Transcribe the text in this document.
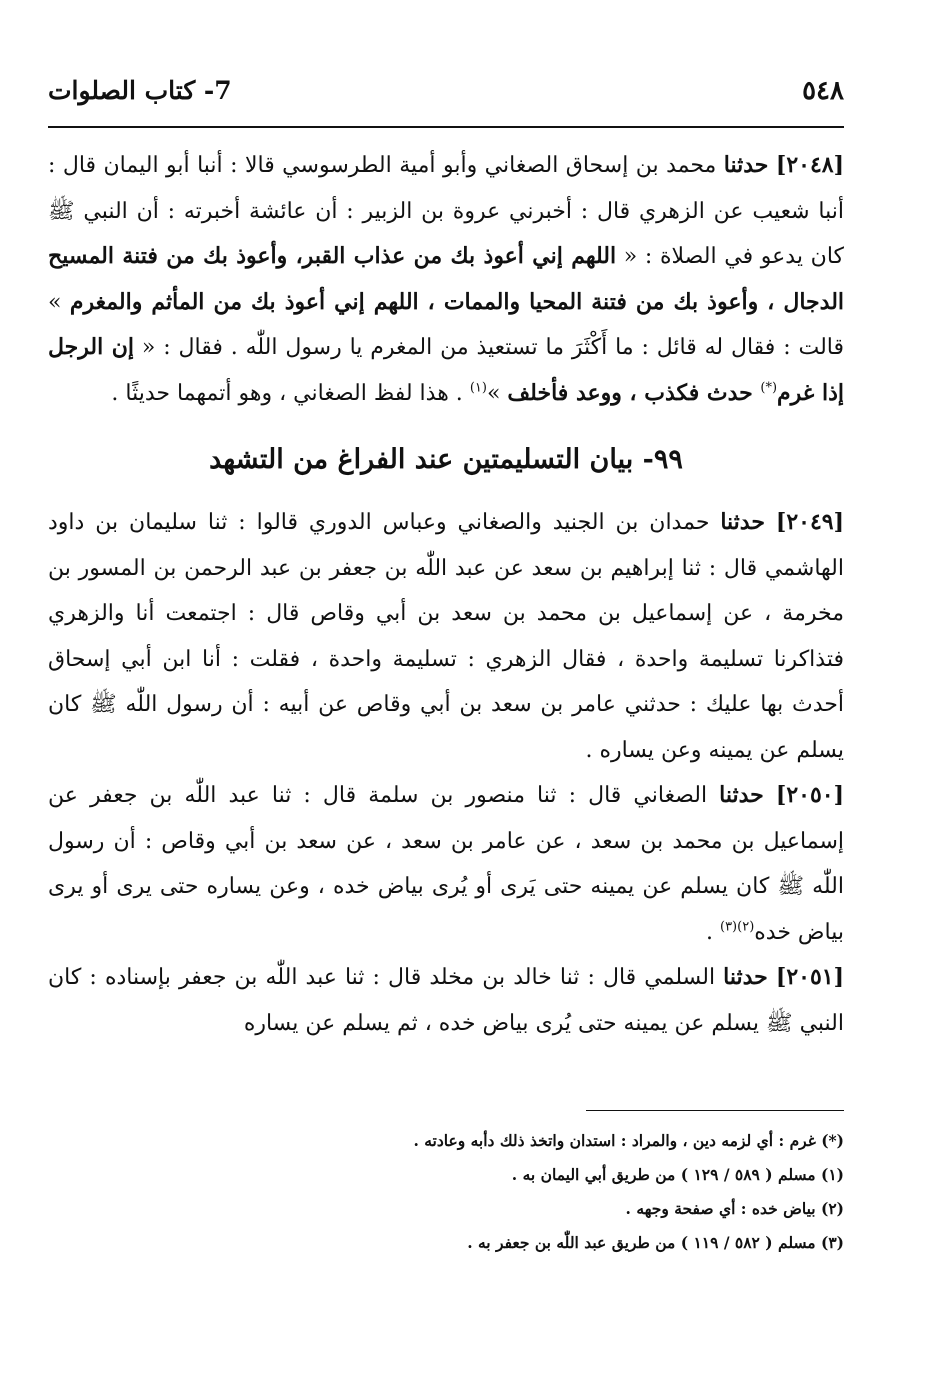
٥٤٨
7- كتاب الصلوات

[٢٠٤٨] حدثنا محمد بن إسحاق الصغاني وأبو أمية الطرسوسي قالا : أنبا أبو اليمان قال : أنبا شعيب عن الزهري قال : أخبرني عروة بن الزبير : أن عائشة أخبرته : أن النبي ﷺ كان يدعو في الصلاة : « اللهم إني أعوذ بك من عذاب القبر، وأعوذ بك من فتنة المسيح الدجال ، وأعوذ بك من فتنة المحيا والممات ، اللهم إني أعوذ بك من المأثم والمغرم » قالت : فقال له قائل : ما أَكْثَرَ ما تستعيذ من المغرم يا رسول اللّٰه . فقال : « إن الرجل إذا غرم(*) حدث فكذب ، ووعد فأخلف »$^{(١)}$ . هذا لفظ الصغاني ، وهو أتمهما حديثًا .

٩٩- بيان التسليمتين عند الفراغ من التشهد

[٢٠٤٩] حدثنا حمدان بن الجنيد والصغاني وعباس الدوري قالوا : ثنا سليمان بن داود الهاشمي قال : ثنا إبراهيم بن سعد عن عبد اللّٰه بن جعفر بن عبد الرحمن بن المسور بن مخرمة ، عن إسماعيل بن محمد بن سعد بن أبي وقاص قال : اجتمعت أنا والزهري فتذاكرنا تسليمة واحدة ، فقال الزهري : تسليمة واحدة ، فقلت : أنا ابن أبي إسحاق أحدث بها عليك : حدثني عامر بن سعد بن أبي وقاص عن أبيه : أن رسول اللّٰه ﷺ كان يسلم عن يمينه وعن يساره .

[٢٠٥٠] حدثنا الصغاني قال : ثنا منصور بن سلمة قال : ثنا عبد اللّٰه بن جعفر عن إسماعيل بن محمد بن سعد ، عن عامر بن سعد ، عن سعد بن أبي وقاص : أن رسول اللّٰه ﷺ كان يسلم عن يمينه حتى يَرى أو يُرى بياض خده ، وعن يساره حتى يرى أو يرى بياض خده$^{(٢)(٣)}$ .

[٢٠٥١] حدثنا السلمي قال : ثنا خالد بن مخلد قال : ثنا عبد اللّٰه بن جعفر بإسناده : كان النبي ﷺ يسلم عن يمينه حتى يُرى بياض خده ، ثم يسلم عن يساره

(*) غرم : أي لزمه دين ، والمراد : استدان واتخذ ذلك دأبه وعادته .

(١) مسلم ( ٥٨٩ / ١٢٩ ) من طريق أبي اليمان به .

(٢) بياض خده : أي صفحة وجهه .

(٣) مسلم ( ٥٨٢ / ١١٩ ) من طريق عبد اللّٰه بن جعفر به .
